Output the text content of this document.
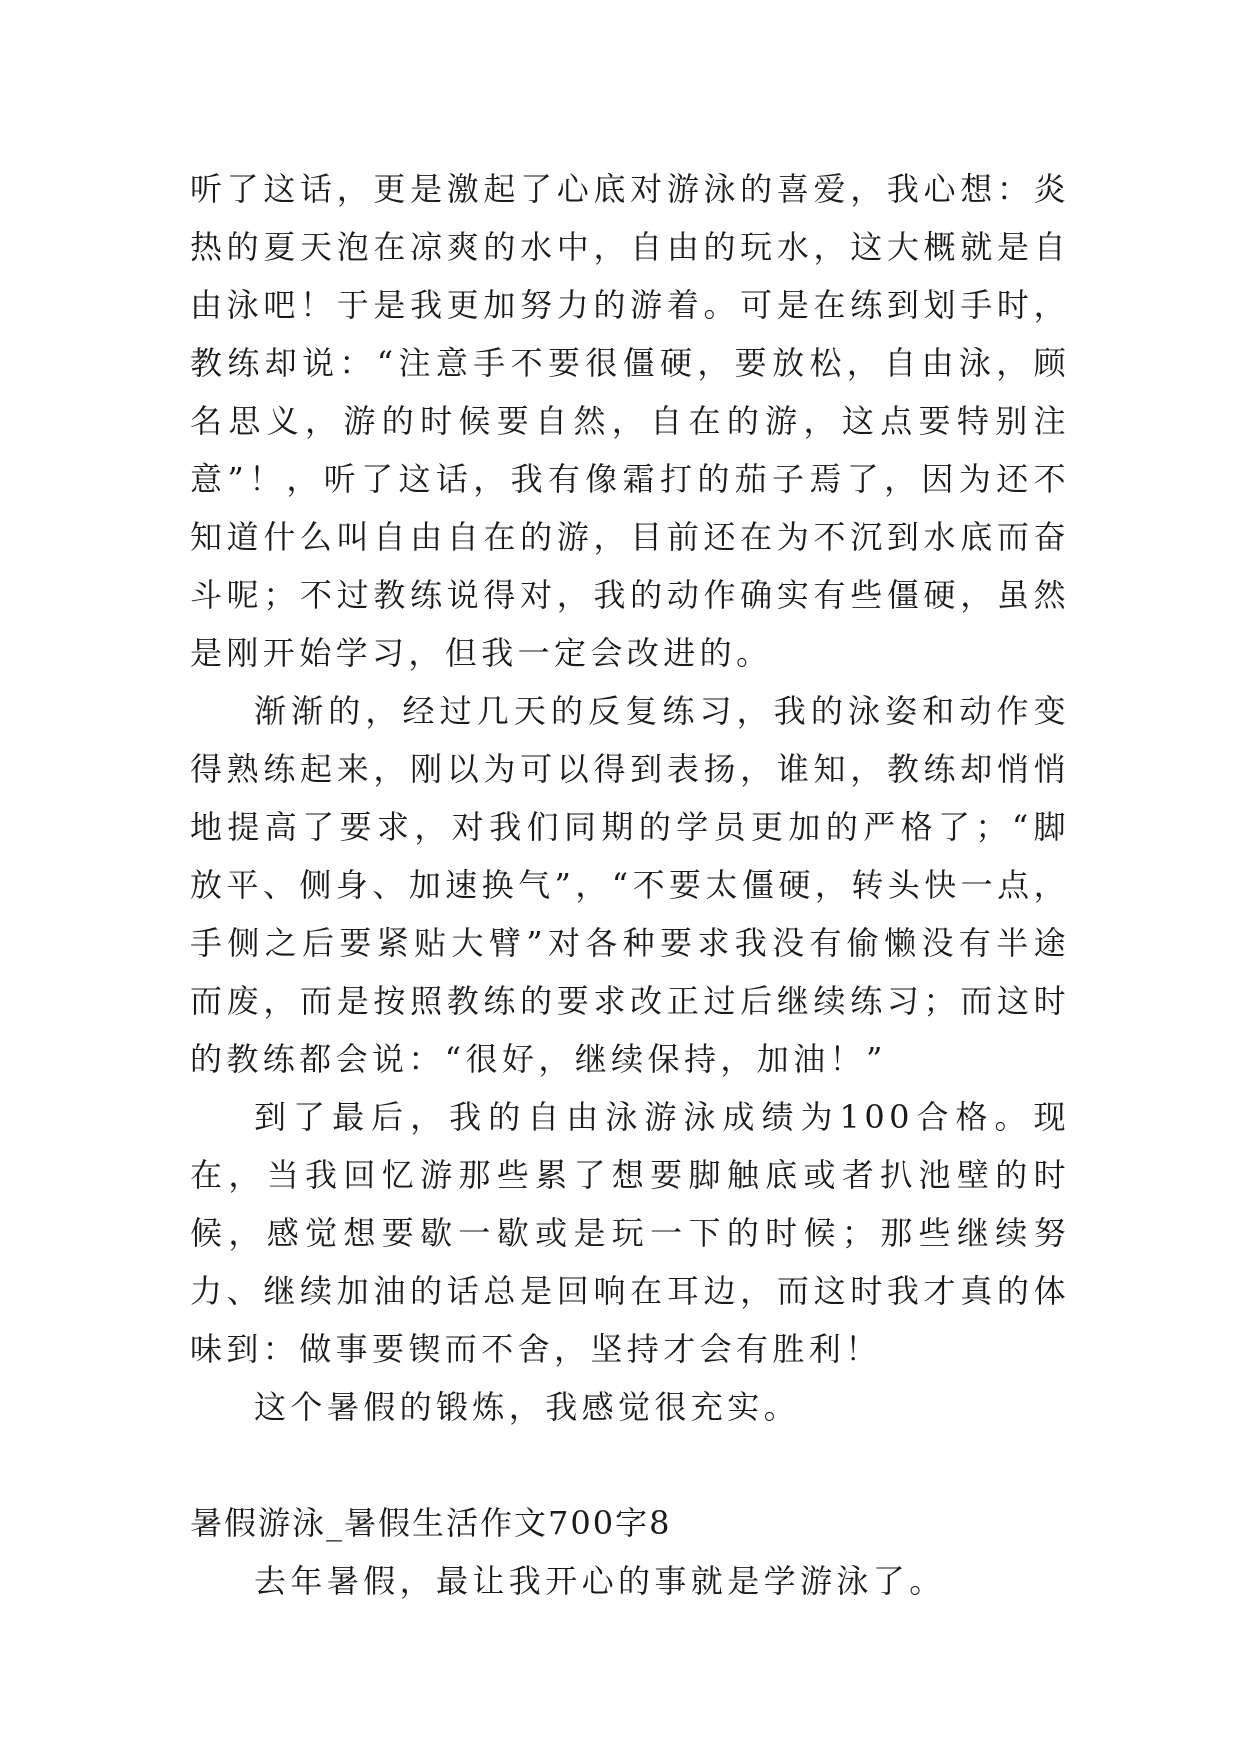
听了这话，更是激起了心底对游泳的喜爱，我心想：炎热的夏天泡在凉爽的水中，自由的玩水，这大概就是自由泳吧！于是我更加努力的游着。可是在练到划手时，教练却说：“注意手不要很僵硬，要放松，自由泳，顾名思义，游的时候要自然，自在的游，这点要特别注意”！，听了这话，我有像霜打的茄子焉了，因为还不知道什么叫自由自在的游，目前还在为不沉到水底而奋斗呢；不过教练说得对，我的动作确实有些僵硬，虽然是刚开始学习，但我一定会改进的。

渐渐的，经过几天的反复练习，我的泳姿和动作变得熟练起来，刚以为可以得到表扬，谁知，教练却悄悄地提高了要求，对我们同期的学员更加的严格了；“脚放平、侧身、加速换气”，“不要太僵硬，转头快一点，手侧之后要紧贴大臂”对各种要求我没有偷懒没有半途而废，而是按照教练的要求改正过后继续练习；而这时的教练都会说：“很好，继续保持，加油！”

到了最后，我的自由泳游泳成绩为100合格。现在，当我回忆游那些累了想要脚触底或者扒池壁的时候，感觉想要歇一歇或是玩一下的时候；那些继续努力、继续加油的话总是回响在耳边，而这时我才真的体味到：做事要锲而不舍，坚持才会有胜利！

这个暑假的锻炼，我感觉很充实。

暑假游泳_暑假生活作文700字8

去年暑假，最让我开心的事就是学游泳了。
